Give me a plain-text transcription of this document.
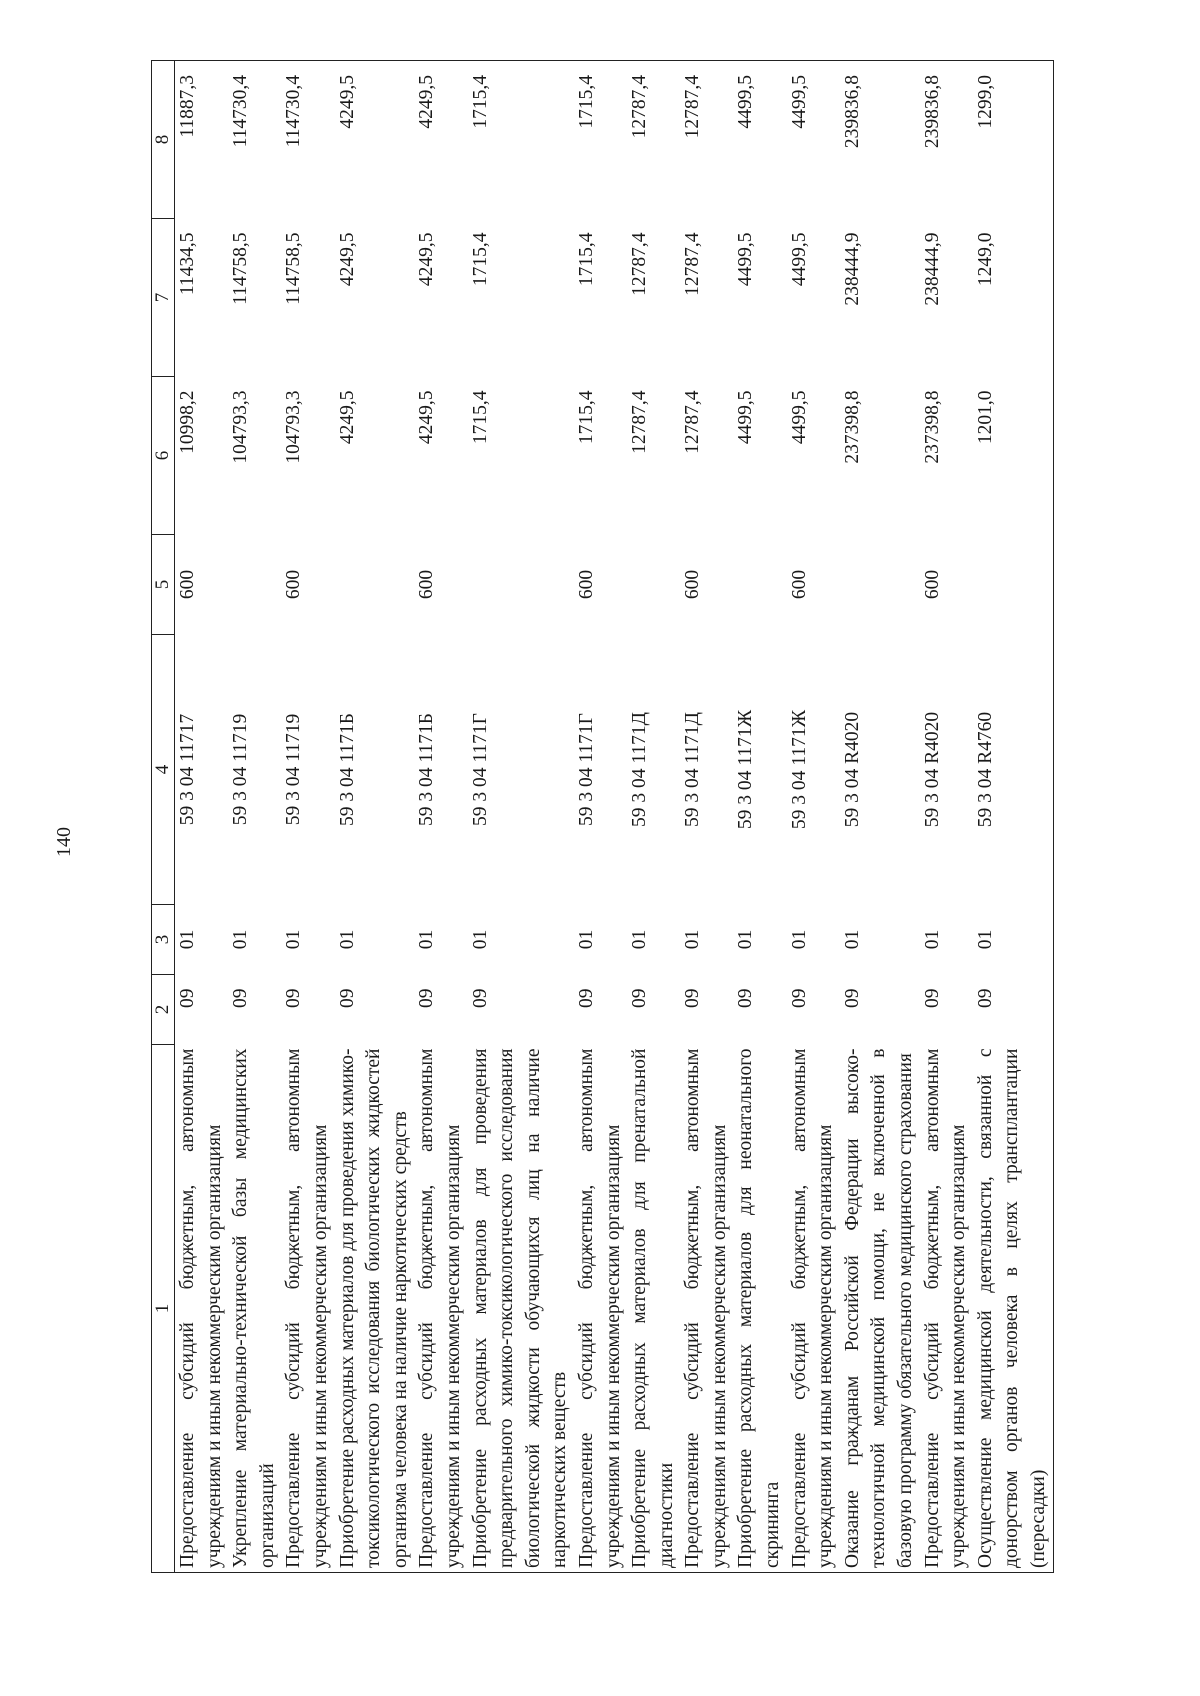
140
1	2	3	4	5	6	7	8
Предоставление субсидий бюджетным, автономным учреждениям и иным некоммерческим организациям	09	01	59 3 04 11717	600	10998,2	11434,5	11887,3
Укрепление материально-технической базы медицинских организаций	09	01	59 3 04 11719		104793,3	114758,5	114730,4
Предоставление субсидий бюджетным, автономным учреждениям и иным некоммерческим организациям	09	01	59 3 04 11719	600	104793,3	114758,5	114730,4
Приобретение расходных материалов для проведения химико-токсикологического исследования биологических жидкостей организма человека на наличие наркотических средств	09	01	59 3 04 1171Б		4249,5	4249,5	4249,5
Предоставление субсидий бюджетным, автономным учреждениям и иным некоммерческим организациям	09	01	59 3 04 1171Б	600	4249,5	4249,5	4249,5
Приобретение расходных материалов для проведения предварительного химико-токсикологического исследования биологической жидкости обучающихся лиц на наличие наркотических веществ	09	01	59 3 04 1171Г		1715,4	1715,4	1715,4
Предоставление субсидий бюджетным, автономным учреждениям и иным некоммерческим организациям	09	01	59 3 04 1171Г	600	1715,4	1715,4	1715,4
Приобретение расходных материалов для пренатальной диагностики	09	01	59 3 04 1171Д		12787,4	12787,4	12787,4
Предоставление субсидий бюджетным, автономным учреждениям и иным некоммерческим организациям	09	01	59 3 04 1171Д	600	12787,4	12787,4	12787,4
Приобретение расходных материалов для неонатального скрининга	09	01	59 3 04 1171Ж		4499,5	4499,5	4499,5
Предоставление субсидий бюджетным, автономным учреждениям и иным некоммерческим организациям	09	01	59 3 04 1171Ж	600	4499,5	4499,5	4499,5
Оказание гражданам Российской Федерации высокотехнологичной медицинской помощи, не включенной в базовую программу обязательного медицинского страхования	09	01	59 3 04 R4020		237398,8	238444,9	239836,8
Предоставление субсидий бюджетным, автономным учреждениям и иным некоммерческим организациям	09	01	59 3 04 R4020	600	237398,8	238444,9	239836,8
Осуществление медицинской деятельности, связанной с донорством органов человека в целях трансплантации (пересадки)	09	01	59 3 04 R4760		1201,0	1249,0	1299,0
